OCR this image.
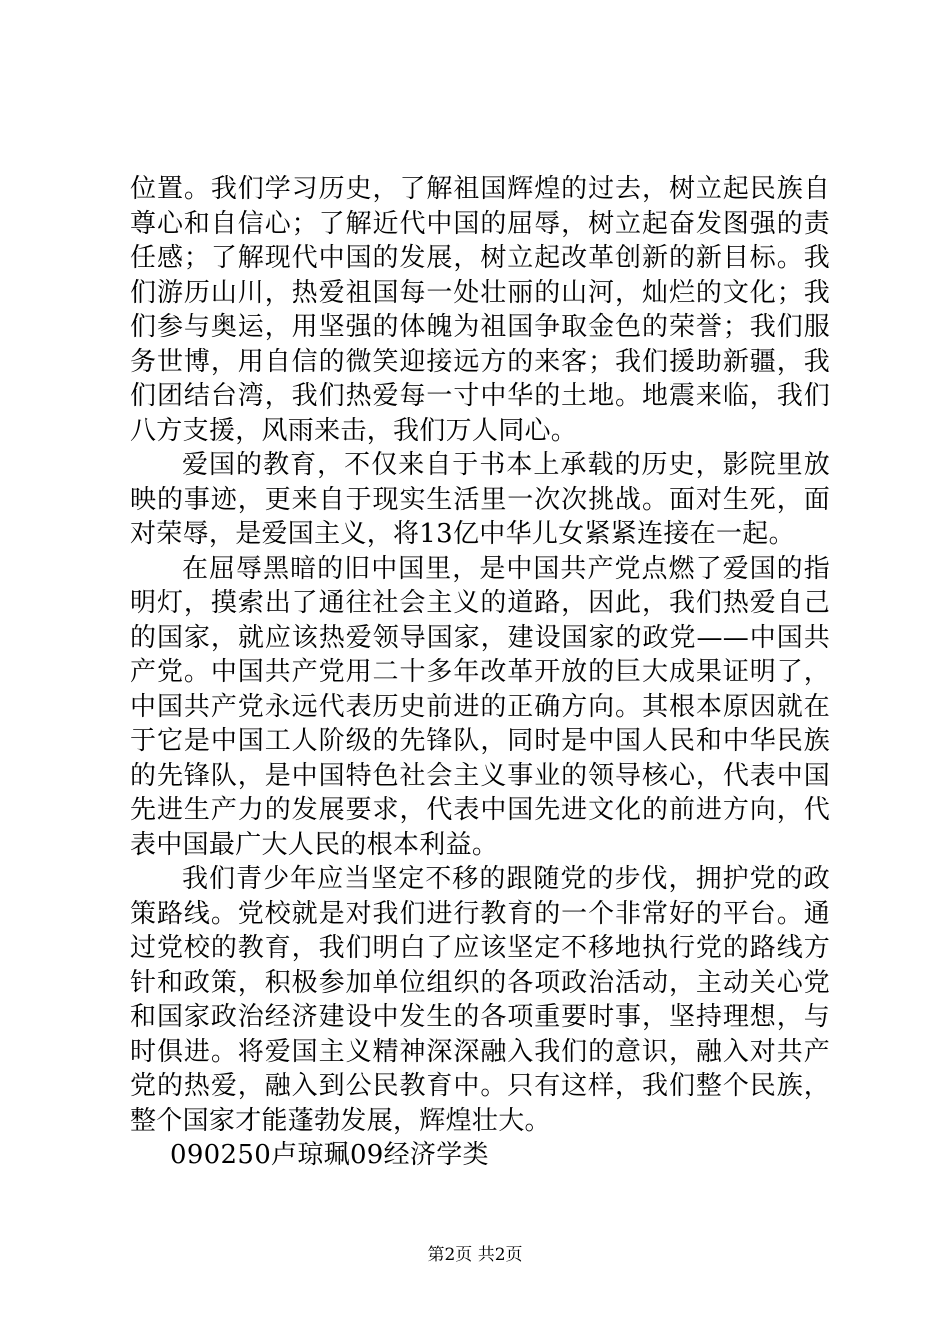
位置。我们学习历史，了解祖国辉煌的过去，树立起民族自尊心和自信心；了解近代中国的屈辱，树立起奋发图强的责任感；了解现代中国的发展，树立起改革创新的新目标。我们游历山川，热爱祖国每一处壮丽的山河，灿烂的文化；我们参与奥运，用坚强的体魄为祖国争取金色的荣誉；我们服务世博，用自信的微笑迎接远方的来客；我们援助新疆，我们团结台湾，我们热爱每一寸中华的土地。地震来临，我们八方支援，风雨来击，我们万人同心。

爱国的教育，不仅来自于书本上承载的历史，影院里放映的事迹，更来自于现实生活里一次次挑战。面对生死，面对荣辱，是爱国主义，将13亿中华儿女紧紧连接在一起。

在屈辱黑暗的旧中国里，是中国共产党点燃了爱国的指明灯，摸索出了通往社会主义的道路，因此，我们热爱自己的国家，就应该热爱领导国家，建设国家的政党——中国共产党。中国共产党用二十多年改革开放的巨大成果证明了，中国共产党永远代表历史前进的正确方向。其根本原因就在于它是中国工人阶级的先锋队，同时是中国人民和中华民族的先锋队，是中国特色社会主义事业的领导核心，代表中国先进生产力的发展要求，代表中国先进文化的前进方向，代表中国最广大人民的根本利益。

我们青少年应当坚定不移的跟随党的步伐，拥护党的政策路线。党校就是对我们进行教育的一个非常好的平台。通过党校的教育，我们明白了应该坚定不移地执行党的路线方针和政策，积极参加单位组织的各项政治活动，主动关心党和国家政治经济建设中发生的各项重要时事，坚持理想，与时俱进。将爱国主义精神深深融入我们的意识，融入对共产党的热爱，融入到公民教育中。只有这样，我们整个民族，整个国家才能蓬勃发展，辉煌壮大。

090250卢琼珮09经济学类

第2页 共2页
